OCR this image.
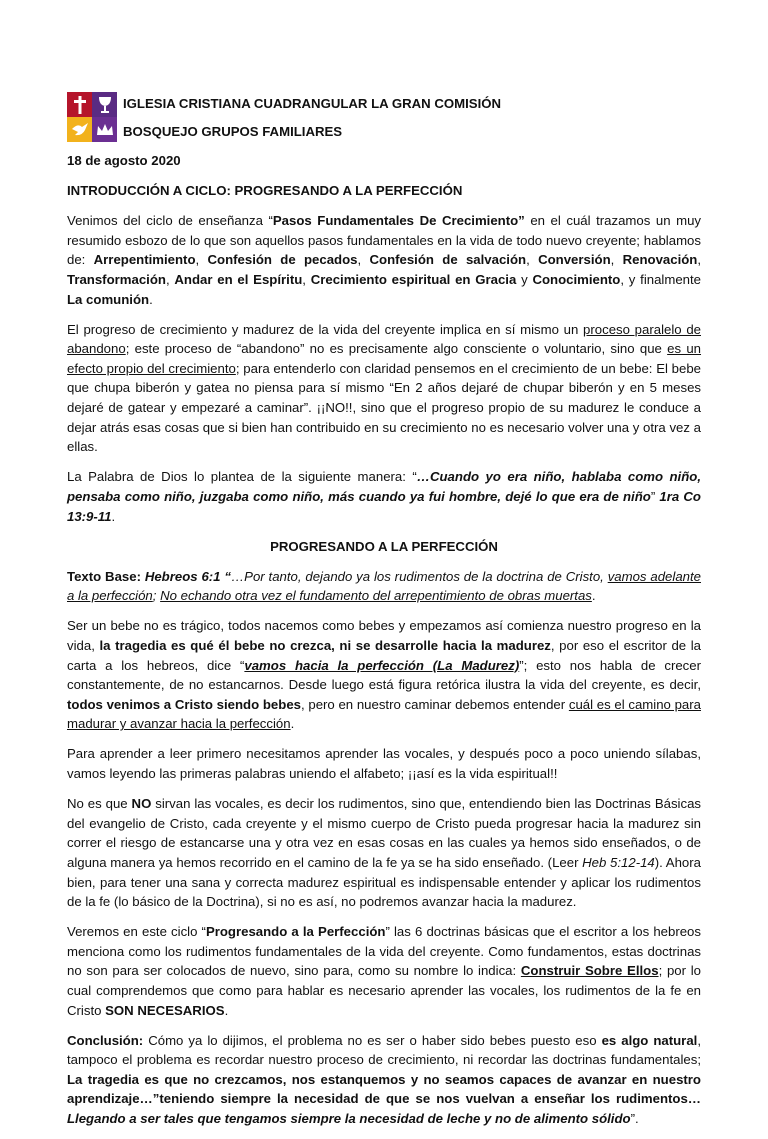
IGLESIA CRISTIANA CUADRANGULAR LA GRAN COMISIÓN
BOSQUEJO GRUPOS FAMILIARES

18 de agosto 2020

INTRODUCCIÓN A CICLO: PROGRESANDO A LA PERFECCIÓN

Venimos del ciclo de enseñanza “Pasos Fundamentales De Crecimiento” en el cuál trazamos un muy resumido esbozo de lo que son aquellos pasos fundamentales en la vida de todo nuevo creyente; hablamos de: Arrepentimiento, Confesión de pecados, Confesión de salvación, Conversión, Renovación, Transformación, Andar en el Espíritu, Crecimiento espiritual en Gracia y Conocimiento, y finalmente La comunión.

El progreso de crecimiento y madurez de la vida del creyente implica en sí mismo un proceso paralelo de abandono; este proceso de “abandono” no es precisamente algo consciente o voluntario, sino que es un efecto propio del crecimiento; para entenderlo con claridad pensemos en el crecimiento de un bebe: El bebe que chupa biberón y gatea no piensa para sí mismo “En 2 años dejaré de chupar biberón y en 5 meses dejaré de gatear y empezaré a caminar”. ¡¡NO!!, sino que el progreso propio de su madurez le conduce a dejar atrás esas cosas que si bien han contribuido en su crecimiento no es necesario volver una y otra vez a ellas.

La Palabra de Dios lo plantea de la siguiente manera: “…Cuando yo era niño, hablaba como niño, pensaba como niño, juzgaba como niño, más cuando ya fui hombre, dejé lo que era de niño” 1ra Co 13:9-11.

PROGRESANDO A LA PERFECCIÓN

Texto Base: Hebreos 6:1 “…Por tanto, dejando ya los rudimentos de la doctrina de Cristo, vamos adelante a la perfección; No echando otra vez el fundamento del arrepentimiento de obras muertas.

Ser un bebe no es trágico, todos nacemos como bebes y empezamos así comienza nuestro progreso en la vida, la tragedia es qué él bebe no crezca, ni se desarrolle hacia la madurez, por eso el escritor de la carta a los hebreos, dice “vamos hacia la perfección (La Madurez)”; esto nos habla de crecer constantemente, de no estancarnos. Desde luego está figura retórica ilustra la vida del creyente, es decir, todos venimos a Cristo siendo bebes, pero en nuestro caminar debemos entender cuál es el camino para madurar y avanzar hacia la perfección.

Para aprender a leer primero necesitamos aprender las vocales, y después poco a poco uniendo sílabas, vamos leyendo las primeras palabras uniendo el alfabeto; ¡¡así es la vida espiritual!!

No es que NO sirvan las vocales, es decir los rudimentos, sino que, entendiendo bien las Doctrinas Básicas del evangelio de Cristo, cada creyente y el mismo cuerpo de Cristo pueda progresar hacia la madurez sin correr el riesgo de estancarse una y otra vez en esas cosas en las cuales ya hemos sido enseñados, o de alguna manera ya hemos recorrido en el camino de la fe ya se ha sido enseñado. (Leer Heb 5:12-14). Ahora bien, para tener una sana y correcta madurez espiritual es indispensable entender y aplicar los rudimentos de la fe (lo básico de la Doctrina), si no es así, no podremos avanzar hacia la madurez.

Veremos en este ciclo “Progresando a la Perfección” las 6 doctrinas básicas que el escritor a los hebreos menciona como los rudimentos fundamentales de la vida del creyente. Como fundamentos, estas doctrinas no son para ser colocados de nuevo, sino para, como su nombre lo indica: Construir Sobre Ellos; por lo cual comprendemos que como para hablar es necesario aprender las vocales, los rudimentos de la fe en Cristo SON NECESARIOS.

Conclusión: Cómo ya lo dijimos, el problema no es ser o haber sido bebes puesto eso es algo natural, tampoco el problema es recordar nuestro proceso de crecimiento, ni recordar las doctrinas fundamentales; La tragedia es que no crezcamos, nos estanquemos y no seamos capaces de avanzar en nuestro aprendizaje…”teniendo siempre la necesidad de que se nos vuelvan a enseñar los rudimentos…Llegando a ser tales que tengamos siempre la necesidad de leche y no de alimento sólido”.
